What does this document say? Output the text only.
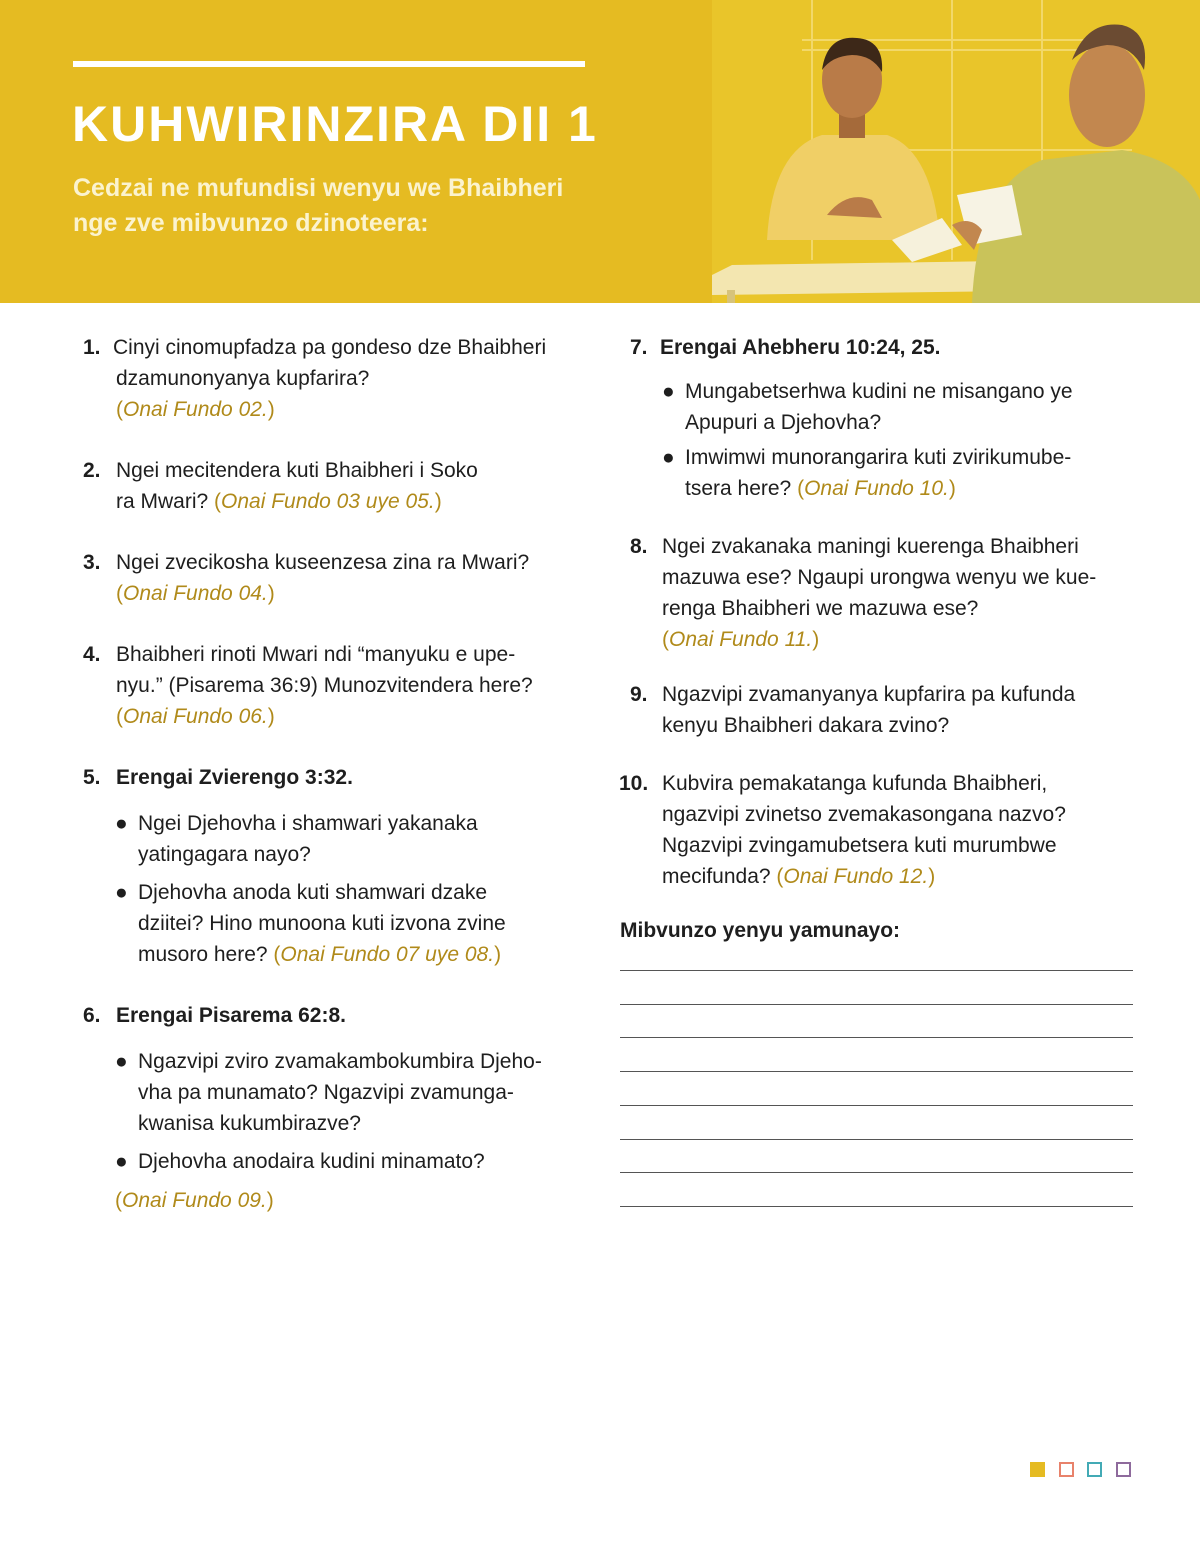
KUHWIRINZIRA DII 1
Cedzai ne mufundisi wenyu we Bhaibheri
nge zve mibvunzo dzinoteera:
1. Cinyi cinomupfadza pa gondeso dze Bhaibheri
dzamunonyanya kupfarira?
(Onai Fundo 02.)
2. Ngei mecitendera kuti Bhaibheri i Soko
ra Mwari? (Onai Fundo 03 uye 05.)
3. Ngei zvecikosha kuseenzesa zina ra Mwari?
(Onai Fundo 04.)
4. Bhaibheri rinoti Mwari ndi “manyuku e upe-
nyu.” (Pisarema 36:9) Munozvitendera here?
(Onai Fundo 06.)
5. Erengai Zvierengo 3:32.
● Ngei Djehovha i shamwari yakanaka
yatingagara nayo?
● Djehovha anoda kuti shamwari dzake
dziitei? Hino munoona kuti izvona zvine
musoro here? (Onai Fundo 07 uye 08.)
6. Erengai Pisarema 62:8.
● Ngazvipi zviro zvamakambokumbira Djeho-
vha pa munamato? Ngazvipi zvamunga-
kwanisa kukumbirazve?
● Djehovha anodaira kudini minamato?
(Onai Fundo 09.)
7. Erengai Ahebheru 10:24, 25.
● Mungabetserhwa kudini ne misangano ye
Apupuri a Djehovha?
● Imwimwi munorangarira kuti zvirikumube-
tsera here? (Onai Fundo 10.)
8. Ngei zvakanaka maningi kuerenga Bhaibheri
mazuwa ese? Ngaupi urongwa wenyu we kue-
renga Bhaibheri we mazuwa ese?
(Onai Fundo 11.)
9. Ngazvipi zvamanyanya kupfarira pa kufunda
kenyu Bhaibheri dakara zvino?
10. Kubvira pemakatanga kufunda Bhaibheri,
ngazvipi zvinetso zvemakasongana nazvo?
Ngazvipi zvingamubetsera kuti murumbwe
mecifunda? (Onai Fundo 12.)
Mibvunzo yenyu yamunayo:
